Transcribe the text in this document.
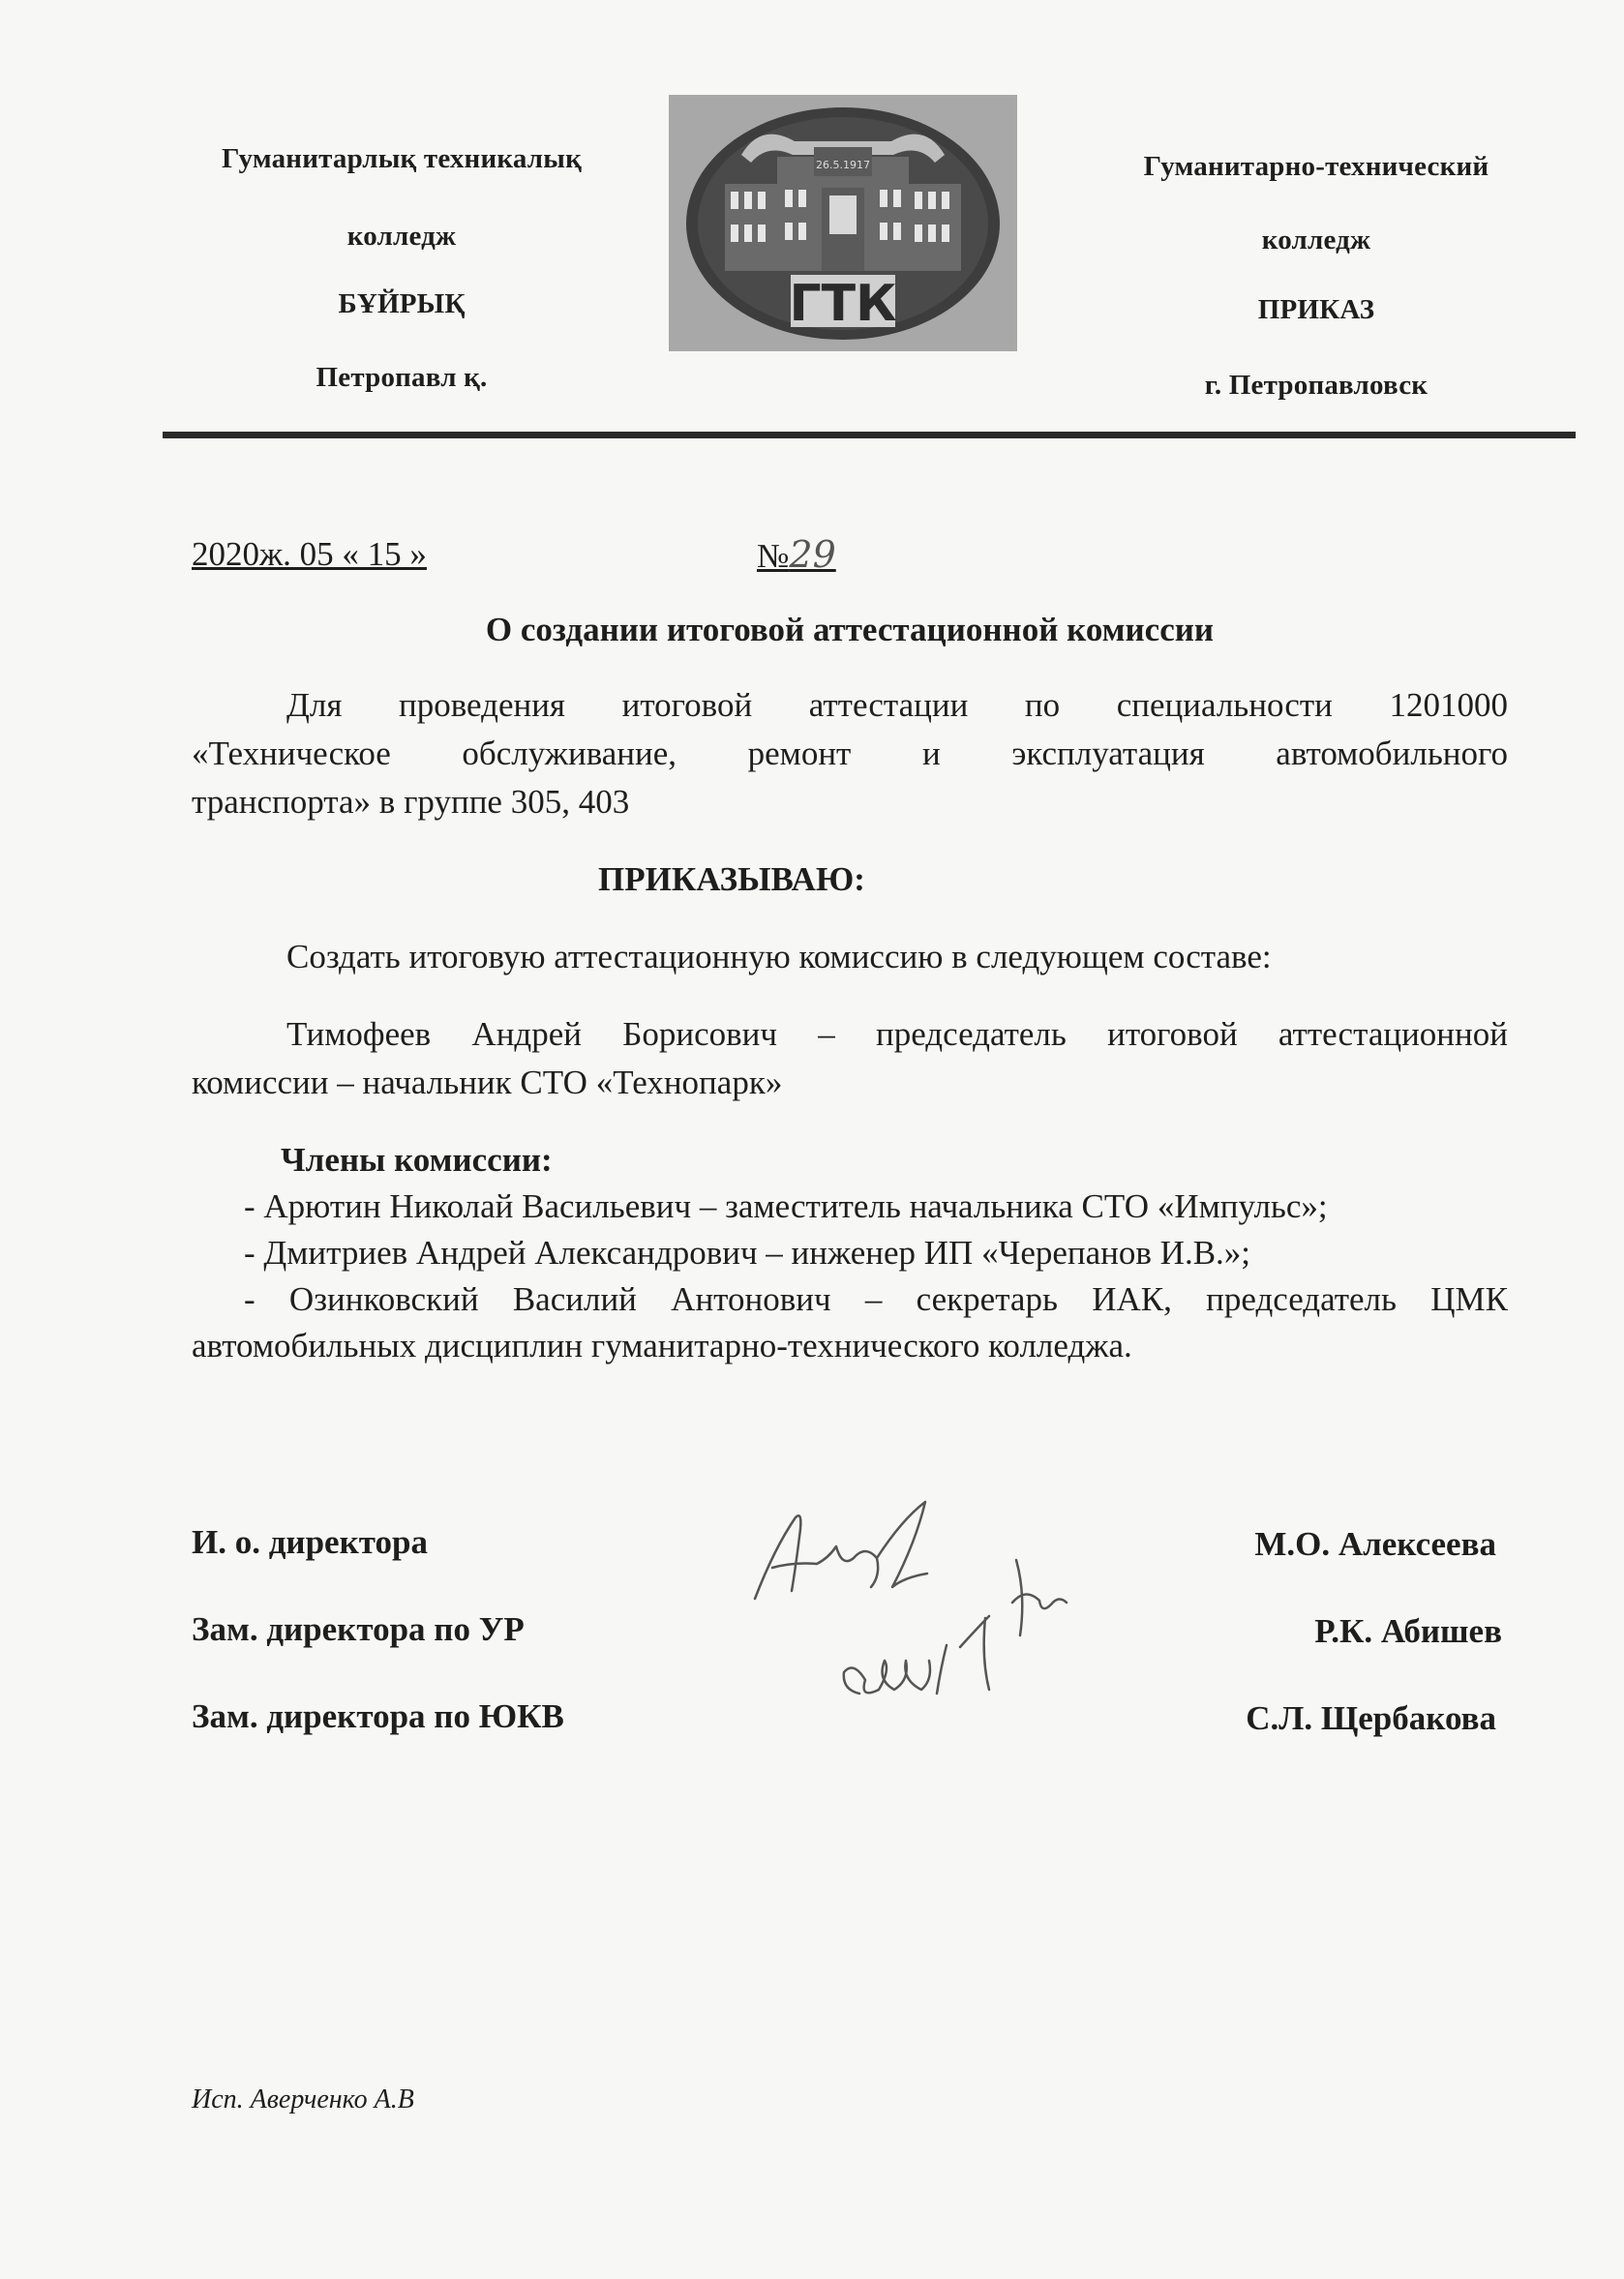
Гуманитарлық техникалық
колледж
БҰЙРЫҚ
Петропавл қ.
26.5.1917
ГТК
Гуманитарно-технический
колледж
ПРИКАЗ
г. Петропавловск
2020ж. 05 « 15 »	№29
О создании итоговой аттестационной комиссии
Для проведения итоговой аттестации по специальности 1201000
«Техническое обслуживание, ремонт и эксплуатация автомобильного
транспорта» в группе 305, 403
ПРИКАЗЫВАЮ:
Создать итоговую аттестационную комиссию в следующем составе:
Тимофеев Андрей Борисович – председатель итоговой аттестационной
комиссии – начальник СТО «Технопарк»
Члены комиссии:
- Арютин Николай Васильевич – заместитель начальника СТО «Импульс»;
- Дмитриев Андрей Александрович – инженер ИП «Черепанов И.В.»;
- Озинковский Василий Антонович – секретарь ИАК, председатель ЦМК
автомобильных дисциплин гуманитарно-технического колледжа.
И. о. директора
Зам. директора по УР
Зам. директора по ЮКВ
М.О. Алексеева
Р.К. Абишев
С.Л. Щербакова
Исп. Аверченко А.В
